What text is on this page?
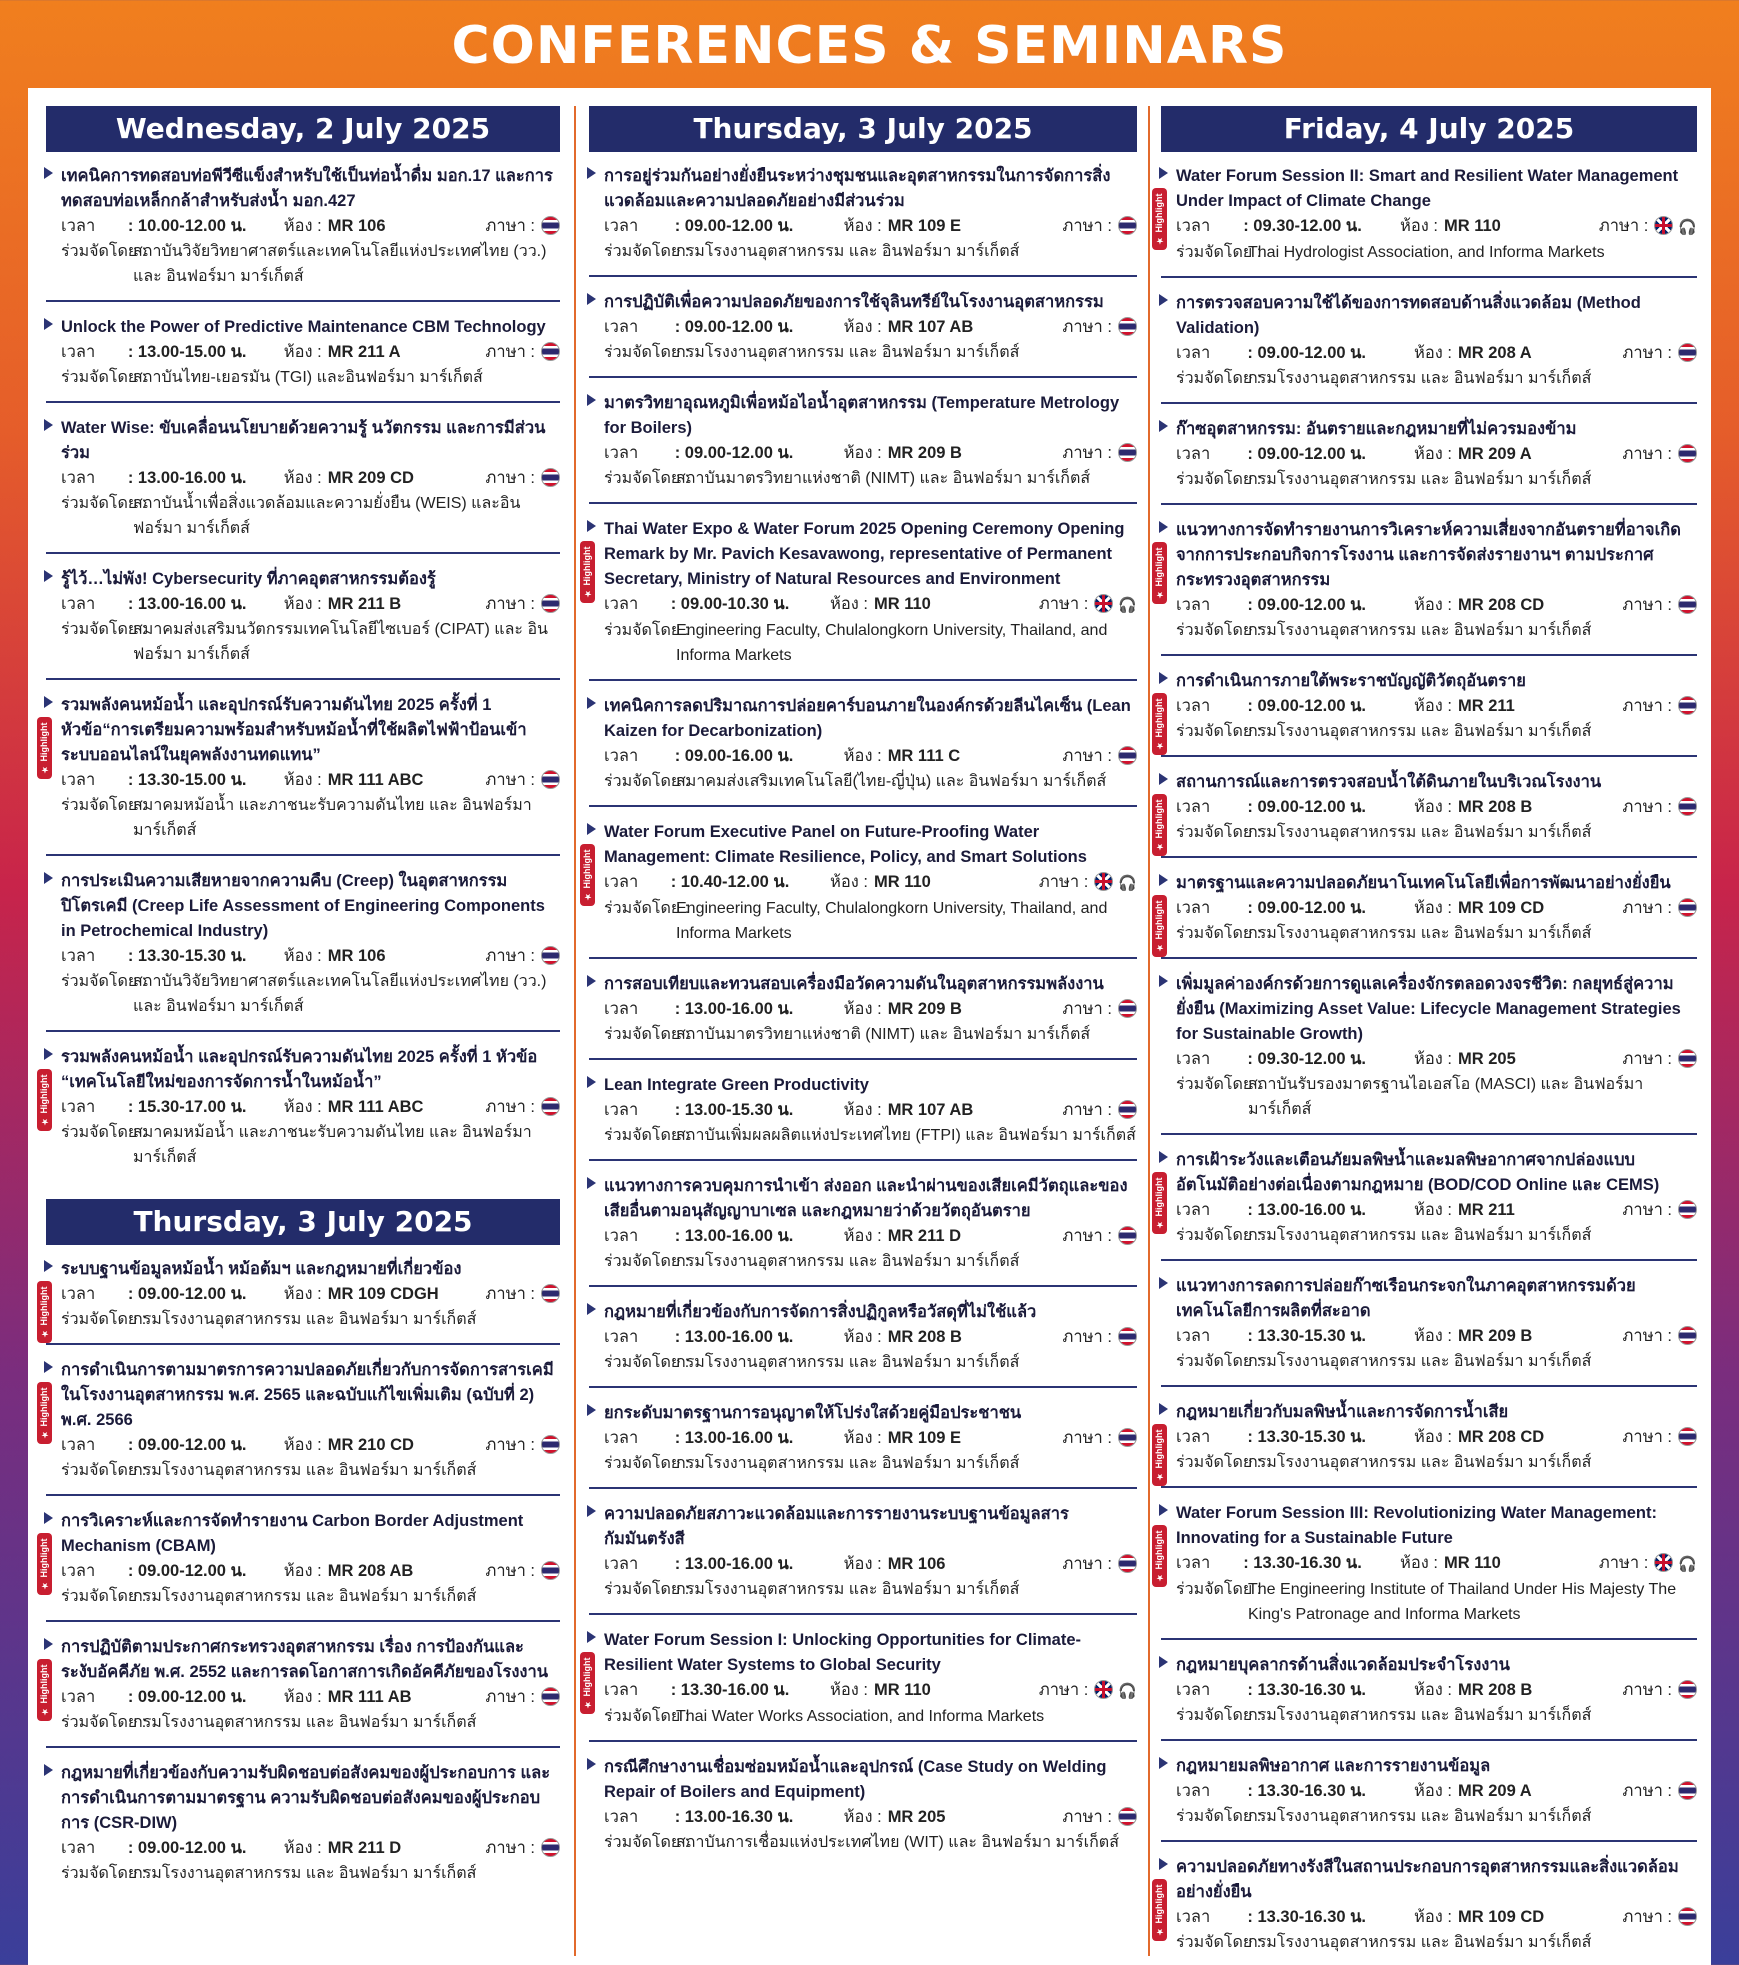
CONFERENCES & SEMINARS
Wednesday, 2 July 2025
เทคนิคการทดสอบท่อพีวีซีแข็งสำหรับใช้เป็นท่อน้ำดื่ม มอก.17 และการทดสอบท่อเหล็กกล้าสำหรับส่งน้ำ มอก.427
เวลา	: 10.00-12.00 น.	ห้อง : MR 106	ภาษา :
ร่วมจัดโดย :
สถาบันวิจัยวิทยาศาสตร์และเทคโนโลยีแห่งประเทศไทย (วว.) และ อินฟอร์มา มาร์เก็ตส์
Unlock the Power of Predictive Maintenance CBM Technology
เวลา	: 13.00-15.00 น.	ห้อง : MR 211 A	ภาษา :
ร่วมจัดโดย :
สถาบันไทย-เยอรมัน (TGI) และอินฟอร์มา มาร์เก็ตส์
Water Wise: ขับเคลื่อนนโยบายด้วยความรู้ นวัตกรรม และการมีส่วนร่วม
เวลา	: 13.00-16.00 น.	ห้อง : MR 209 CD	ภาษา :
ร่วมจัดโดย :
สถาบันน้ำเพื่อสิ่งแวดล้อมและความยั่งยืน (WEIS) และอินฟอร์มา มาร์เก็ตส์
รู้ไว้…ไม่พัง! Cybersecurity ที่ภาคอุตสาหกรรมต้องรู้
เวลา	: 13.00-16.00 น.	ห้อง : MR 211 B	ภาษา :
ร่วมจัดโดย :
สมาคมส่งเสริมนวัตกรรมเทคโนโลยีไซเบอร์ (CIPAT) และ อินฟอร์มา มาร์เก็ตส์
★ Highlight
รวมพลังคนหม้อน้ำ และอุปกรณ์รับความดันไทย 2025 ครั้งที่ 1 หัวข้อ“การเตรียมความพร้อมสำหรับหม้อน้ำที่ใช้ผลิตไฟฟ้าป้อนเข้าระบบออนไลน์ในยุคพลังงานทดแทน”
เวลา	: 13.30-15.00 น.	ห้อง : MR 111 ABC	ภาษา :
ร่วมจัดโดย :
สมาคมหม้อน้ำ และภาชนะรับความดันไทย และ อินฟอร์มา มาร์เก็ตส์
การประเมินความเสียหายจากความคืบ (Creep) ในอุตสาหกรรมปิโตรเคมี (Creep Life Assessment of Engineering Components in Petrochemical Industry)
เวลา	: 13.30-15.30 น.	ห้อง : MR 106	ภาษา :
ร่วมจัดโดย :
สถาบันวิจัยวิทยาศาสตร์และเทคโนโลยีแห่งประเทศไทย (วว.) และ อินฟอร์มา มาร์เก็ตส์
★ Highlight
รวมพลังคนหม้อน้ำ และอุปกรณ์รับความดันไทย 2025 ครั้งที่ 1 หัวข้อ “เทคโนโลยีใหม่ของการจัดการน้ำในหม้อน้ำ”
เวลา	: 15.30-17.00 น.	ห้อง : MR 111 ABC	ภาษา :
ร่วมจัดโดย :
สมาคมหม้อน้ำ และภาชนะรับความดันไทย และ อินฟอร์มา มาร์เก็ตส์
Thursday, 3 July 2025
★ Highlight
ระบบฐานข้อมูลหม้อน้ำ หม้อต้มฯ และกฎหมายที่เกี่ยวข้อง
เวลา	: 09.00-12.00 น.	ห้อง : MR 109 CDGH	ภาษา :
ร่วมจัดโดย :
กรมโรงงานอุตสาหกรรม และ อินฟอร์มา มาร์เก็ตส์
★ Highlight
การดำเนินการตามมาตรการความปลอดภัยเกี่ยวกับการจัดการสารเคมีในโรงงานอุตสาหกรรม พ.ศ. 2565 และฉบับแก้ไขเพิ่มเติม (ฉบับที่ 2) พ.ศ. 2566
เวลา	: 09.00-12.00 น.	ห้อง : MR 210 CD	ภาษา :
ร่วมจัดโดย :
กรมโรงงานอุตสาหกรรม และ อินฟอร์มา มาร์เก็ตส์
★ Highlight
การวิเคราะห์และการจัดทำรายงาน Carbon Border Adjustment Mechanism (CBAM)
เวลา	: 09.00-12.00 น.	ห้อง : MR 208 AB	ภาษา :
ร่วมจัดโดย :
กรมโรงงานอุตสาหกรรม และ อินฟอร์มา มาร์เก็ตส์
★ Highlight
การปฏิบัติตามประกาศกระทรวงอุตสาหกรรม เรื่อง การป้องกันและระงับอัคคีภัย พ.ศ. 2552 และการลดโอกาสการเกิดอัคคีภัยของโรงงาน
เวลา	: 09.00-12.00 น.	ห้อง : MR 111 AB	ภาษา :
ร่วมจัดโดย :
กรมโรงงานอุตสาหกรรม และ อินฟอร์มา มาร์เก็ตส์
กฎหมายที่เกี่ยวข้องกับความรับผิดชอบต่อสังคมของผู้ประกอบการ และการดำเนินการตามมาตรฐาน ความรับผิดชอบต่อสังคมของผู้ประกอบการ (CSR-DIW)
เวลา	: 09.00-12.00 น.	ห้อง : MR 211 D	ภาษา :
ร่วมจัดโดย :
กรมโรงงานอุตสาหกรรม และ อินฟอร์มา มาร์เก็ตส์
Thursday, 3 July 2025
การอยู่ร่วมกันอย่างยั่งยืนระหว่างชุมชนและอุตสาหกรรมในการจัดการสิ่งแวดล้อมและความปลอดภัยอย่างมีส่วนร่วม
เวลา	: 09.00-12.00 น.	ห้อง : MR 109 E	ภาษา :
ร่วมจัดโดย :
กรมโรงงานอุตสาหกรรม และ อินฟอร์มา มาร์เก็ตส์
การปฏิบัติเพื่อความปลอดภัยของการใช้จุลินทรีย์ในโรงงานอุตสาหกรรม
เวลา	: 09.00-12.00 น.	ห้อง : MR 107 AB	ภาษา :
ร่วมจัดโดย :
กรมโรงงานอุตสาหกรรม และ อินฟอร์มา มาร์เก็ตส์
มาตรวิทยาอุณหภูมิเพื่อหม้อไอน้ำอุตสาหกรรม (Temperature Metrology for Boilers)
เวลา	: 09.00-12.00 น.	ห้อง : MR 209 B	ภาษา :
ร่วมจัดโดย :
สถาบันมาตรวิทยาแห่งชาติ (NIMT) และ อินฟอร์มา มาร์เก็ตส์
★ Highlight
Thai Water Expo & Water Forum 2025 Opening Ceremony Opening Remark by Mr. Pavich Kesavawong, representative of Permanent Secretary, Ministry of Natural Resources and Environment
เวลา	: 09.00-10.30 น.	ห้อง : MR 110	ภาษา : 🎧
ร่วมจัดโดย :
Engineering Faculty, Chulalongkorn University, Thailand, and Informa Markets
เทคนิคการลดปริมาณการปล่อยคาร์บอนภายในองค์กรด้วยลีนไคเซ็น (Lean Kaizen for Decarbonization)
เวลา	: 09.00-16.00 น.	ห้อง : MR 111 C	ภาษา :
ร่วมจัดโดย :
สมาคมส่งเสริมเทคโนโลยี(ไทย-ญี่ปุ่น) และ อินฟอร์มา มาร์เก็ตส์
★ Highlight
Water Forum Executive Panel on Future-Proofing Water Management: Climate Resilience, Policy, and Smart Solutions
เวลา	: 10.40-12.00 น.	ห้อง : MR 110	ภาษา : 🎧
ร่วมจัดโดย :
Engineering Faculty, Chulalongkorn University, Thailand, and Informa Markets
การสอบเทียบและทวนสอบเครื่องมือวัดความดันในอุตสาหกรรมพลังงาน
เวลา	: 13.00-16.00 น.	ห้อง : MR 209 B	ภาษา :
ร่วมจัดโดย :
สถาบันมาตรวิทยาแห่งชาติ (NIMT) และ อินฟอร์มา มาร์เก็ตส์
Lean Integrate Green Productivity
เวลา	: 13.00-15.30 น.	ห้อง : MR 107 AB	ภาษา :
ร่วมจัดโดย :
สถาบันเพิ่มผลผลิตแห่งประเทศไทย (FTPI) และ อินฟอร์มา มาร์เก็ตส์
แนวทางการควบคุมการนำเข้า ส่งออก และนำผ่านของเสียเคมีวัตถุและของเสียอื่นตามอนุสัญญาบาเซล และกฎหมายว่าด้วยวัตถุอันตราย
เวลา	: 13.00-16.00 น.	ห้อง : MR 211 D	ภาษา :
ร่วมจัดโดย :
กรมโรงงานอุตสาหกรรม และ อินฟอร์มา มาร์เก็ตส์
กฎหมายที่เกี่ยวข้องกับการจัดการสิ่งปฏิกูลหรือวัสดุที่ไม่ใช้แล้ว
เวลา	: 13.00-16.00 น.	ห้อง : MR 208 B	ภาษา :
ร่วมจัดโดย :
กรมโรงงานอุตสาหกรรม และ อินฟอร์มา มาร์เก็ตส์
ยกระดับมาตรฐานการอนุญาตให้โปร่งใสด้วยคู่มือประชาชน
เวลา	: 13.00-16.00 น.	ห้อง : MR 109 E	ภาษา :
ร่วมจัดโดย :
กรมโรงงานอุตสาหกรรม และ อินฟอร์มา มาร์เก็ตส์
ความปลอดภัยสภาวะแวดล้อมและการรายงานระบบฐานข้อมูลสารกัมมันตรังสี
เวลา	: 13.00-16.00 น.	ห้อง : MR 106	ภาษา :
ร่วมจัดโดย :
กรมโรงงานอุตสาหกรรม และ อินฟอร์มา มาร์เก็ตส์
★ Highlight
Water Forum Session I: Unlocking Opportunities for Climate-Resilient Water Systems to Global Security
เวลา	: 13.30-16.00 น.	ห้อง : MR 110	ภาษา : 🎧
ร่วมจัดโดย :
Thai Water Works Association, and Informa Markets
กรณีศึกษางานเชื่อมซ่อมหม้อน้ำและอุปกรณ์ (Case Study on Welding Repair of Boilers and Equipment)
เวลา	: 13.00-16.30 น.	ห้อง : MR 205	ภาษา :
ร่วมจัดโดย :
สถาบันการเชื่อมแห่งประเทศไทย (WIT) และ อินฟอร์มา มาร์เก็ตส์
Friday, 4 July 2025
★ Highlight
Water Forum Session II: Smart and Resilient Water Management Under Impact of Climate Change
เวลา	: 09.30-12.00 น.	ห้อง : MR 110	ภาษา : 🎧
ร่วมจัดโดย :
Thai Hydrologist Association, and Informa Markets
การตรวจสอบความใช้ได้ของการทดสอบด้านสิ่งแวดล้อม (Method Validation)
เวลา	: 09.00-12.00 น.	ห้อง : MR 208 A	ภาษา :
ร่วมจัดโดย :
กรมโรงงานอุตสาหกรรม และ อินฟอร์มา มาร์เก็ตส์
ก๊าซอุตสาหกรรม: อันตรายและกฎหมายที่ไม่ควรมองข้าม
เวลา	: 09.00-12.00 น.	ห้อง : MR 209 A	ภาษา :
ร่วมจัดโดย :
กรมโรงงานอุตสาหกรรม และ อินฟอร์มา มาร์เก็ตส์
★ Highlight
แนวทางการจัดทำรายงานการวิเคราะห์ความเสี่ยงจากอันตรายที่อาจเกิดจากการประกอบกิจการโรงงาน และการจัดส่งรายงานฯ ตามประกาศกระทรวงอุตสาหกรรม
เวลา	: 09.00-12.00 น.	ห้อง : MR 208 CD	ภาษา :
ร่วมจัดโดย :
กรมโรงงานอุตสาหกรรม และ อินฟอร์มา มาร์เก็ตส์
★ Highlight
การดำเนินการภายใต้พระราชบัญญัติวัตถุอันตราย
เวลา	: 09.00-12.00 น.	ห้อง : MR 211	ภาษา :
ร่วมจัดโดย :
กรมโรงงานอุตสาหกรรม และ อินฟอร์มา มาร์เก็ตส์
★ Highlight
สถานการณ์และการตรวจสอบน้ำใต้ดินภายในบริเวณโรงงาน
เวลา	: 09.00-12.00 น.	ห้อง : MR 208 B	ภาษา :
ร่วมจัดโดย :
กรมโรงงานอุตสาหกรรม และ อินฟอร์มา มาร์เก็ตส์
★ Highlight
มาตรฐานและความปลอดภัยนาโนเทคโนโลยีเพื่อการพัฒนาอย่างยั่งยืน
เวลา	: 09.00-12.00 น.	ห้อง : MR 109 CD	ภาษา :
ร่วมจัดโดย :
กรมโรงงานอุตสาหกรรม และ อินฟอร์มา มาร์เก็ตส์
เพิ่มมูลค่าองค์กรด้วยการดูแลเครื่องจักรตลอดวงจรชีวิต: กลยุทธ์สู่ความยั่งยืน (Maximizing Asset Value: Lifecycle Management Strategies for Sustainable Growth)
เวลา	: 09.30-12.00 น.	ห้อง : MR 205	ภาษา :
ร่วมจัดโดย :
สถาบันรับรองมาตรฐานไอเอสโอ (MASCI) และ อินฟอร์มา มาร์เก็ตส์
★ Highlight
การเฝ้าระวังและเตือนภัยมลพิษน้ำและมลพิษอากาศจากปล่องแบบอัตโนมัติอย่างต่อเนื่องตามกฎหมาย (BOD/COD Online และ CEMS)
เวลา	: 13.00-16.00 น.	ห้อง : MR 211	ภาษา :
ร่วมจัดโดย :
กรมโรงงานอุตสาหกรรม และ อินฟอร์มา มาร์เก็ตส์
แนวทางการลดการปล่อยก๊าซเรือนกระจกในภาคอุตสาหกรรมด้วยเทคโนโลยีการผลิตที่สะอาด
เวลา	: 13.30-15.30 น.	ห้อง : MR 209 B	ภาษา :
ร่วมจัดโดย :
กรมโรงงานอุตสาหกรรม และ อินฟอร์มา มาร์เก็ตส์
★ Highlight
กฎหมายเกี่ยวกับมลพิษน้ำและการจัดการน้ำเสีย
เวลา	: 13.30-15.30 น.	ห้อง : MR 208 CD	ภาษา :
ร่วมจัดโดย :
กรมโรงงานอุตสาหกรรม และ อินฟอร์มา มาร์เก็ตส์
★ Highlight
Water Forum Session III: Revolutionizing Water Management: Innovating for a Sustainable Future
เวลา	: 13.30-16.30 น.	ห้อง : MR 110	ภาษา : 🎧
ร่วมจัดโดย :
The Engineering Institute of Thailand Under His Majesty The King's Patronage and Informa Markets
กฎหมายบุคลากรด้านสิ่งแวดล้อมประจำโรงงาน
เวลา	: 13.30-16.30 น.	ห้อง : MR 208 B	ภาษา :
ร่วมจัดโดย :
กรมโรงงานอุตสาหกรรม และ อินฟอร์มา มาร์เก็ตส์
กฎหมายมลพิษอากาศ และการรายงานข้อมูล
เวลา	: 13.30-16.30 น.	ห้อง : MR 209 A	ภาษา :
ร่วมจัดโดย :
กรมโรงงานอุตสาหกรรม และ อินฟอร์มา มาร์เก็ตส์
★ Highlight
ความปลอดภัยทางรังสีในสถานประกอบการอุตสาหกรรมและสิ่งแวดล้อมอย่างยั่งยืน
เวลา	: 13.30-16.30 น.	ห้อง : MR 109 CD	ภาษา :
ร่วมจัดโดย :
กรมโรงงานอุตสาหกรรม และ อินฟอร์มา มาร์เก็ตส์
